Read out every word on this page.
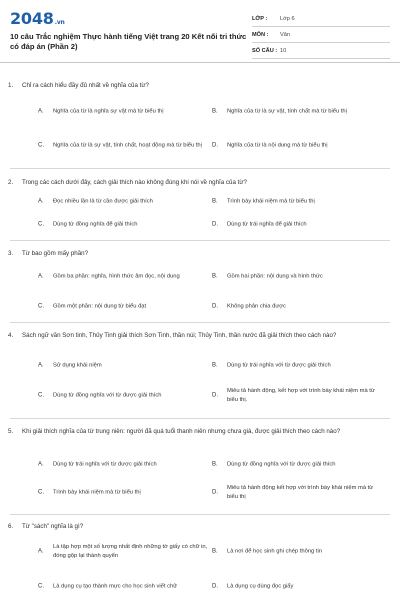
2048.vn
10 câu Trắc nghiệm Thực hành tiếng Việt trang 20 Kết nối tri thức có đáp án (Phần 2)
LỚP :	Lớp 6
MÔN :	Văn
SỐ CÂU : 10
1. Chỉ ra cách hiểu đầy đủ nhất về nghĩa của từ?
A. Nghĩa của từ là nghĩa sự vật mà từ biểu thị	B. Nghĩa của từ là sự vật, tính chất mà từ biểu thị
C. Nghĩa của từ là sự vật, tính chất, hoạt động mà từ biểu thị	D. Nghĩa của từ là nội dung mà từ biểu thị
2. Trong các cách dưới đây, cách giải thích nào không đúng khi nói về nghĩa của từ?
A. Đọc nhiều lần là từ cần được giải thích	B. Trình bày khái niệm mà từ biểu thị
C. Dùng từ đồng nghĩa để giải thích	D. Dùng từ trái nghĩa để giải thích
3. Từ bao gồm mấy phần?
A. Gồm ba phần: nghĩa, hình thức âm đọc, nội dung	B. Gồm hai phần: nội dung và hình thức
C. Gồm một phần: nội dung từ biểu đạt	D. Không phân chia được
4. Sách ngữ văn Sơn tinh, Thủy Tinh giải thích Sơn Tinh, thần núi; Thủy Tinh, thần nước đã giải thích theo cách nào?
A. Sử dụng khái niệm	B. Dùng từ trái nghĩa với từ được giải thích
C. Dùng từ đồng nghĩa với từ được giải thích	D.
Miêu tả hành động, kết hợp với trình bày khái niệm mà từ biểu thị.
5. Khi giải thích nghĩa của từ trung niên: người đã quá tuổi thanh niên nhưng chưa già, được giải thích theo cách nào?
A. Dùng từ trái nghĩa với từ được giải thích	B. Dùng từ đồng nghĩa với từ được giải thích
C. Trình bày khái niệm mà từ biểu thị	D.
Miêu tả hành động kết hợp với trình bày khái niệm mà từ biểu thị
6. Từ "sách" nghĩa là gì?
A.
Là tập hợp một số lượng nhất định những tờ giấy có chữ in, đóng gộp lại thành quyển
B. Là nơi để học sinh ghi chép thông tin
C. Là dụng cụ tạo thành mực cho học sinh viết chữ	D. Là dụng cụ dùng đọc giấy
